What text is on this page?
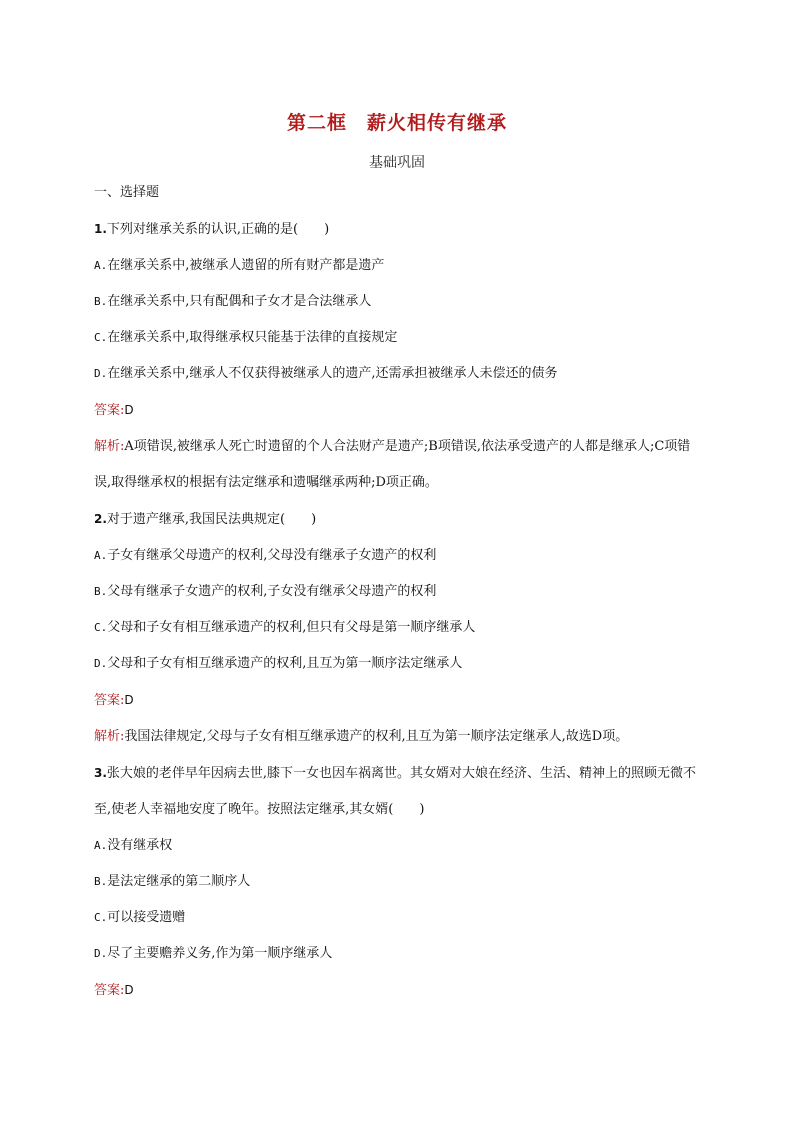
第二框 薪火相传有继承
基础巩固
一、选择题
1.下列对继承关系的认识,正确的是(　　)
A.在继承关系中,被继承人遗留的所有财产都是遗产
B.在继承关系中,只有配偶和子女才是合法继承人
C.在继承关系中,取得继承权只能基于法律的直接规定
D.在继承关系中,继承人不仅获得被继承人的遗产,还需承担被继承人未偿还的债务
答案:D
解析:A项错误,被继承人死亡时遗留的个人合法财产是遗产;B项错误,依法承受遗产的人都是继承人;C项错误,取得继承权的根据有法定继承和遗嘱继承两种;D项正确。
2.对于遗产继承,我国民法典规定(　　)
A.子女有继承父母遗产的权利,父母没有继承子女遗产的权利
B.父母有继承子女遗产的权利,子女没有继承父母遗产的权利
C.父母和子女有相互继承遗产的权利,但只有父母是第一顺序继承人
D.父母和子女有相互继承遗产的权利,且互为第一顺序法定继承人
答案:D
解析:我国法律规定,父母与子女有相互继承遗产的权利,且互为第一顺序法定继承人,故选D项。
3.张大娘的老伴早年因病去世,膝下一女也因车祸离世。其女婿对大娘在经济、生活、精神上的照顾无微不至,使老人幸福地安度了晚年。按照法定继承,其女婿(　　)
A.没有继承权
B.是法定继承的第二顺序人
C.可以接受遗赠
D.尽了主要赡养义务,作为第一顺序继承人
答案:D
